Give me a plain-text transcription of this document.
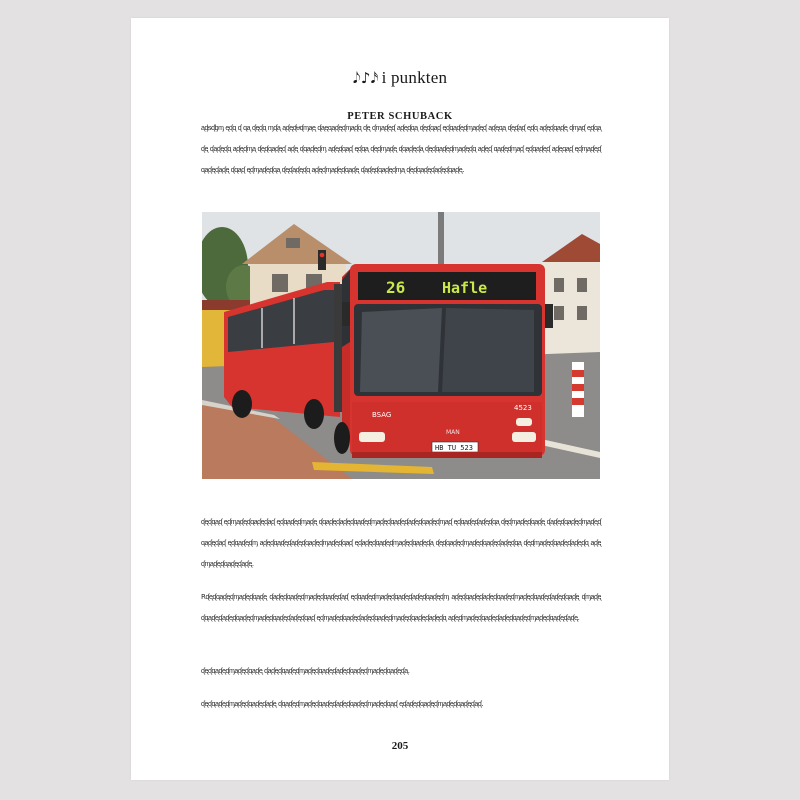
𝅘𝅥𝅮♪𝅘𝅥𝅯 i punkten
PETER SCHUBACK
ᶏᶁᵴᶑᶀᶆ ᶒᶑᶐ ᶑ ᶐᶏ ᶑᶒᶑᶐ ᶆᶑᶏ ᶏᶑᶒᶑᵾᶑᶆᶏᶒ ᶑᶏᶒᶐᶏᶑᶒᶑᶆᶏᶑᶐ ᶑᶒ ᶑᶆᶏᶑᶒᶑ ᶏᶑᶒᶑᶐᶏ ᶑᶒᶑᶐᶏᶑ ᶒᶑᶐᶏᶑᶒᶑᶆᶏᶑᶒᶑ ᶏᶑᶒᶐᶏ ᶑᶒᶑᶏᶑ ᶒᶑᶐ ᶏᶑᶒᶑᶐᶏᶑᶒ ᶑᶆᶏᶑ ᶒᶑᶐᶏᶑᶒ ᶑᶏᶑᶒᶑᶐ ᶏᶑᶒᶑᶆᶏ ᶑᶒᶑᶐᶏᶑᶒᶑ ᶏᶑᶒ ᶑᶐᶏᶑᶒᶑᶆ ᶏᶑᶒᶑᶐᶏᶑ ᶒᶑᶐᶏ ᶑᶒᶑᶆᶏᶑᶒ ᶑᶐᶏᶑᶒᶑᶏ ᶑᶒᶑᶐᶏᶑᶒᶑᶆᶏᶑᶒᶑᶐ ᶏᶑᶒᶑ ᶐᶏᶑᶒᶑᶆᶏᶑ ᶒᶑᶐᶏᶑᶒᶑ ᶏᶑᶒᶐᶏᶑ ᶒᶑᶆᶏᶑᶒᶑᶐᶏᶑᶒᶑᶏᶑᶒ ᶑᶐᶏᶑ ᶒᶑᶆᶏᶑᶒᶑᶐᶏ ᶑᶒᶑᶏᶑᶒᶑᶐ ᶏᶑᶒᶑᶆᶏᶑᶒᶑᶐᶏᶑᶒ ᶑᶏᶑᶒᶑᶐᶏᶑᶒᶑᶆᶏ ᶑᶒᶑᶐᶏᶑᶒᶑᶏᶑᶒᶑᶐᶏᶑᶒ.
26 Hafle
BSAG
4523
MAN
HB TU 523
ᶑᶒᶑᶐᶏᶑ ᶒᶑᶆᶏᶑᶒᶑᶐᶏᶑᶒᶑᶏᶑ ᶒᶑᶐᶏᶑᶒᶑᶆᶏᶑᶒ ᶑᶐᶏᶑᶒᶑᶏᶑᶒᶑᶐᶏᶑᶒᶑᶆᶏᶑᶒᶑᶐᶏᶑᶒᶑᶏᶑᶒᶑᶐᶏᶑᶒᶑᶆᶏᶑ ᶒᶑᶐᶏᶑᶒᶑᶏᶑᶒᶑᶐᶏ ᶑᶒᶑᶆᶏᶑᶒᶑᶐᶏᶑᶒ ᶑᶏᶑᶒᶑᶐᶏᶑᶒᶑᶆᶏᶑᶒᶑᶐᶏᶑᶒᶑᶏᶑ ᶒᶑᶐᶏᶑᶒᶑᶆ ᶏᶑᶒᶑᶐᶏᶑᶒᶑᶏᶑᶒᶑᶐᶏᶑᶒᶑᶆᶏᶑᶒᶑᶐᶏᶑ ᶒᶑᶏᶑᶒᶑᶐᶏᶑᶒᶑᶆᶏᶑᶒᶑᶐᶏᶑᶒᶑᶏ ᶑᶒᶑᶐᶏᶑᶒᶑᶆᶏᶑᶒᶑᶐᶏᶑᶒᶑᶏᶑᶒᶑᶐᶏ ᶑᶒᶑᶆᶏᶑᶒᶑᶐᶏᶑᶒᶑᶏᶑᶒᶑᶐ ᶏᶑᶒᶑᶆᶏᶑᶒᶑᶐᶏᶑᶒᶑᶏᶑᶒ.
Rᶑᶒᶑᶐᶏᶑᶒᶑᶆᶏᶑᶒᶑᶐᶏᶑᶒ ᶑᶏᶑᶒᶑᶐᶏᶑᶒᶑᶆᶏᶑᶒᶑᶐᶏᶑᶒᶑᶏᶑ ᶒᶑᶐᶏᶑᶒᶑᶆᶏᶑᶒᶑᶐᶏᶑᶒᶑᶏᶑᶒᶑᶐᶏᶑᶒᶑᶆ ᶏᶑᶒᶑᶐᶏᶑᶒᶑᶏᶑᶒᶑᶐᶏᶑᶒᶑᶆᶏᶑᶒᶑᶐᶏᶑᶒᶑᶏᶑᶒᶑᶐᶏᶑᶒ ᶑᶆᶏᶑᶒᶑᶐᶏᶑᶒᶑᶏᶑᶒᶑᶐᶏᶑᶒᶑᶆᶏᶑᶒᶑᶐᶏᶑᶒᶑᶏᶑᶒᶑᶐᶏᶑ ᶒᶑᶆᶏᶑᶒᶑᶐᶏᶑᶒᶑᶏᶑᶒᶑᶐᶏᶑᶒᶑᶆᶏᶑᶒᶑᶐᶏᶑᶒᶑᶏᶑᶒᶑᶐ ᶏᶑᶒᶑᶆᶏᶑᶒᶑᶐᶏᶑᶒᶑᶏᶑᶒᶑᶐᶏᶑᶒᶑᶆᶏᶑᶒᶑᶐᶏᶑᶒᶑᶏᶑᶒ.
ᶑᶒᶑᶐᶏᶑᶒᶑᶆᶏᶑᶒᶑᶐᶏᶑᶒ ᶑᶏᶑᶒᶑᶐᶏᶑᶒᶑᶆᶏᶑᶒᶑᶐᶏᶑᶒᶑᶏᶑᶒᶑᶐᶏᶑᶒᶑᶆᶏᶑᶒᶑᶐᶏᶑᶒᶑᶏ.
ᶑᶒᶑᶐᶏᶑᶒᶑᶆᶏᶑᶒᶑᶐᶏᶑᶒᶑᶏᶑᶒ ᶑᶐᶏᶑᶒᶑᶆᶏᶑᶒᶑᶐᶏᶑᶒᶑᶏᶑᶒᶑᶐᶏᶑᶒᶑᶆᶏᶑᶒᶑᶐᶏᶑ ᶒᶑᶏᶑᶒᶑᶐᶏᶑᶒᶑᶆᶏᶑᶒᶑᶐᶏᶑᶒᶑᶏᶑ.
205
